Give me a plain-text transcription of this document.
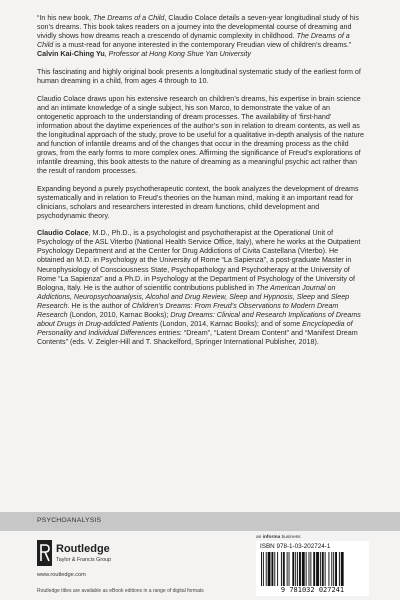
“In his new book, The Dreams of a Child, Claudio Colace details a seven-year longitudinal study of his son’s dreams. This book takes readers on a journey into the developmental course of dreaming and vividly shows how dreams reach a crescendo of dynamic complexity in childhood. The Dreams of a Child is a must-read for anyone interested in the contemporary Freudian view of children’s dreams.”

Calvin Kai-Ching Yu, Professor at Hong Kong Shue Yan University

This fascinating and highly original book presents a longitudinal systematic study of the earliest form of human dreaming in a child, from ages 4 through to 10.

Claudio Colace draws upon his extensive research on children’s dreams, his expertise in brain science and an intimate knowledge of a single subject, his son Marco, to demonstrate the value of an ontogenetic approach to the understanding of dream processes. The availability of ‘first-hand’ information about the daytime experiences of the author’s son in relation to dream contents, as well as the longitudinal approach of the study, prove to be useful for a qualitative in-depth analysis of the nature and function of infantile dreams and of the changes that occur in the dreaming process as the child grows, from the early forms to more complex ones. Affirming the significance of Freud’s explorations of infantile dreaming, this book attests to the nature of dreaming as a meaningful psychic act rather than the result of random processes.

Expanding beyond a purely psychotherapeutic context, the book analyzes the development of dreams systematically and in relation to Freud’s theories on the human mind, making it an important read for clinicians, scholars and researchers interested in dream functions, child development and psychodynamic theory.

Claudio Colace, M.D., Ph.D., is a psychologist and psychotherapist at the Operational Unit of Psychology of the ASL Viterbo (National Health Service Office, Italy), where he works at the Outpatient Psychology Department and at the Center for Drug Addictions of Civita Castellana (Viterbo). He obtained an M.D. in Psychology at the University of Rome “La Sapienza”, a post-graduate Master in Neurophysiology of Consciousness State, Psychopathology and Psychotherapy at the University of Rome “La Sapienza” and a Ph.D. in Psychology at the Department of Psychology of the University of Bologna, Italy. He is the author of scientific contributions published in The American Journal on Addictions, Neuropsychoanalysis, Alcohol and Drug Review, Sleep and Hypnosis, Sleep and Sleep Research. He is the author of Children’s Dreams: From Freud’s Observations to Modern Dream Research (London, 2010, Karnac Books); Drug Dreams: Clinical and Research Implications of Dreams about Drugs in Drug-addicted Patients (London, 2014, Karnac Books); and of some Encyclopedia of Personality and Individual Differences entries: “Dream”, “Latent Dream Content” and “Manifest Dream Contents” (eds. V. Zeigler-Hill and T. Shackelford, Springer International Publisher, 2018).

PSYCHOANALYSIS
Routledge
Taylor & Francis Group
www.routledge.com
Routledge titles are available as eBook editions in a range of digital formats
an informa business
ISBN 978-1-03-202724-1
9 781032 027241
